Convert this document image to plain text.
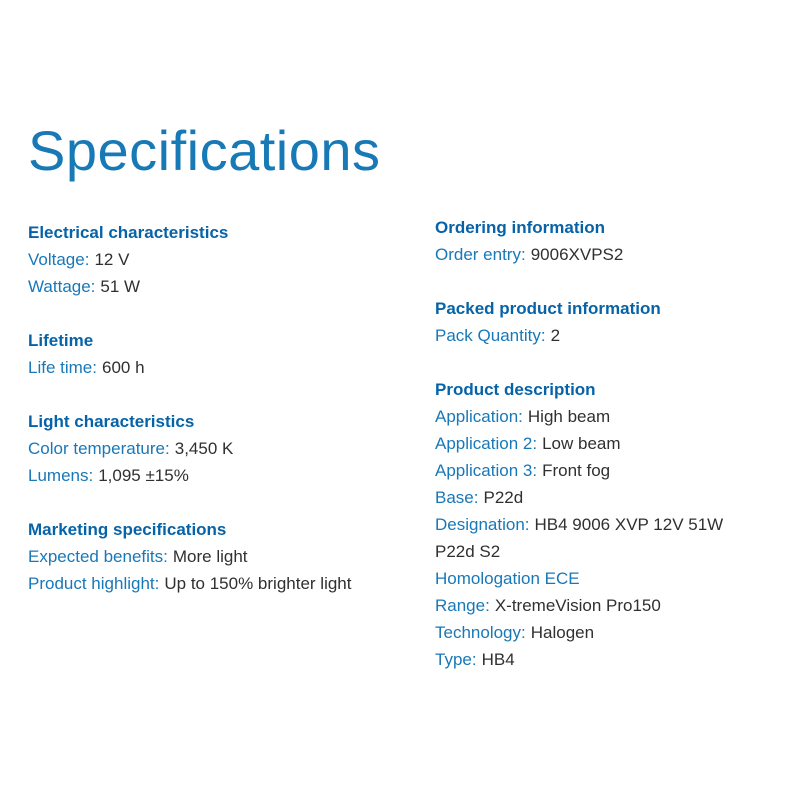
Specifications
Electrical characteristics
Voltage: 12 V
Wattage: 51 W
Lifetime
Life time: 600 h
Light characteristics
Color temperature: 3,450 K
Lumens: 1,095 ±15%
Marketing specifications
Expected benefits: More light
Product highlight: Up to 150% brighter light
Ordering information
Order entry: 9006XVPS2
Packed product information
Pack Quantity: 2
Product description
Application: High beam
Application 2: Low beam
Application 3: Front fog
Base: P22d
Designation: HB4 9006 XVP 12V 51W P22d S2
Homologation ECE
Range: X-tremeVision Pro150
Technology: Halogen
Type: HB4
